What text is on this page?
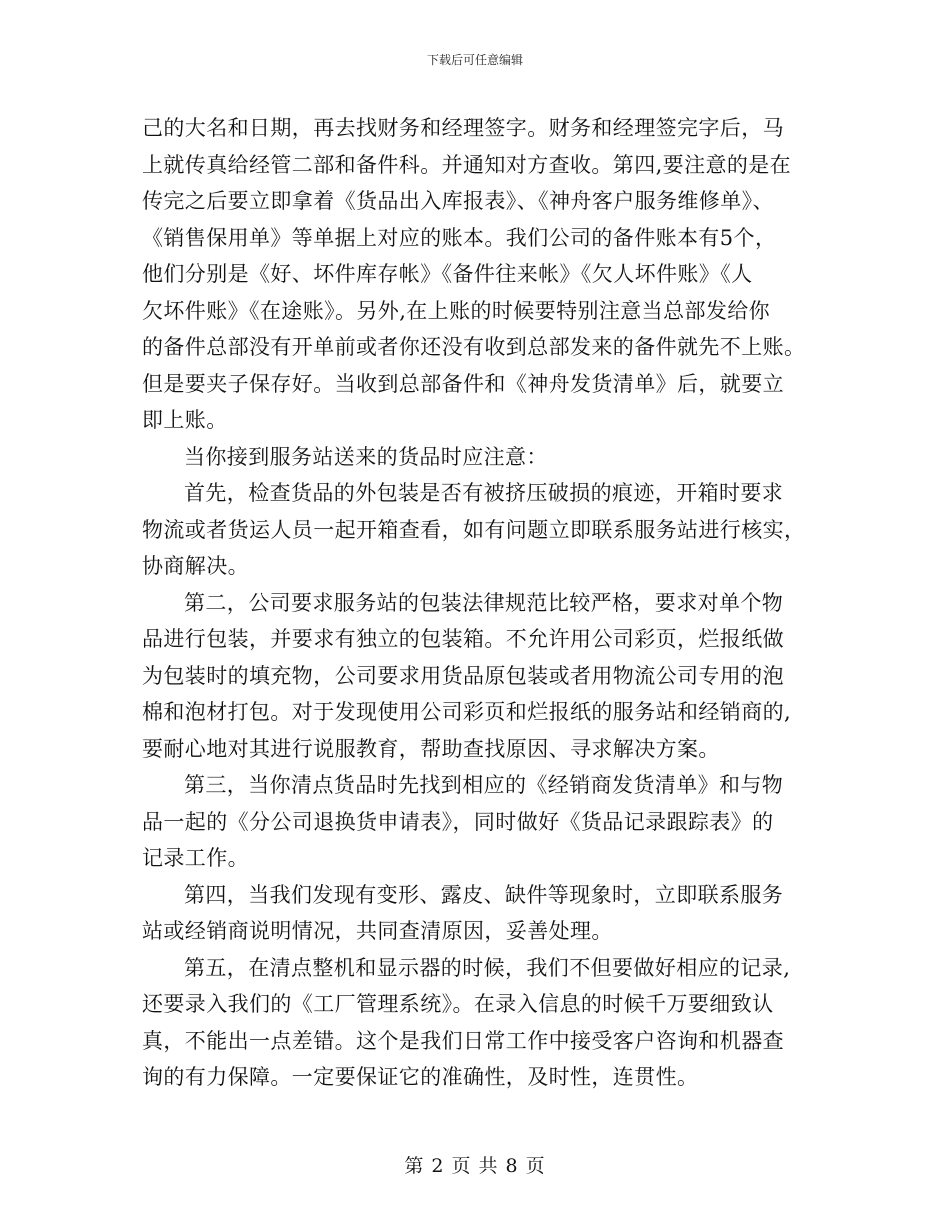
下载后可任意编辑
己的大名和日期，再去找财务和经理签字。财务和经理签完字后，马
上就传真给经管二部和备件科。并通知对方查收。第四,要注意的是在
传完之后要立即拿着《货品出入库报表》、《神舟客户服务维修单》、
《销售保用单》等单据上对应的账本。我们公司的备件账本有5个，
他们分别是《好、坏件库存帐》《备件往来帐》《欠人坏件账》《人
欠坏件账》《在途账》。另外,在上账的时候要特别注意当总部发给你
的备件总部没有开单前或者你还没有收到总部发来的备件就先不上账。
但是要夹子保存好。当收到总部备件和《神舟发货清单》后，就要立
即上账。
当你接到服务站送来的货品时应注意：
首先，检查货品的外包装是否有被挤压破损的痕迹，开箱时要求
物流或者货运人员一起开箱查看，如有问题立即联系服务站进行核实，
协商解决。
第二，公司要求服务站的包装法律规范比较严格，要求对单个物
品进行包装，并要求有独立的包装箱。不允许用公司彩页，烂报纸做
为包装时的填充物，公司要求用货品原包装或者用物流公司专用的泡
棉和泡材打包。对于发现使用公司彩页和烂报纸的服务站和经销商的,
要耐心地对其进行说服教育，帮助查找原因、寻求解决方案。
第三，当你清点货品时先找到相应的《经销商发货清单》和与物
品一起的《分公司退换货申请表》，同时做好《货品记录跟踪表》的
记录工作。
第四，当我们发现有变形、露皮、缺件等现象时，立即联系服务
站或经销商说明情况，共同查清原因，妥善处理。
第五，在清点整机和显示器的时候，我们不但要做好相应的记录,
还要录入我们的《工厂管理系统》。在录入信息的时候千万要细致认
真，不能出一点差错。这个是我们日常工作中接受客户咨询和机器查
询的有力保障。一定要保证它的准确性，及时性，连贯性。
第 2 页 共 8 页
